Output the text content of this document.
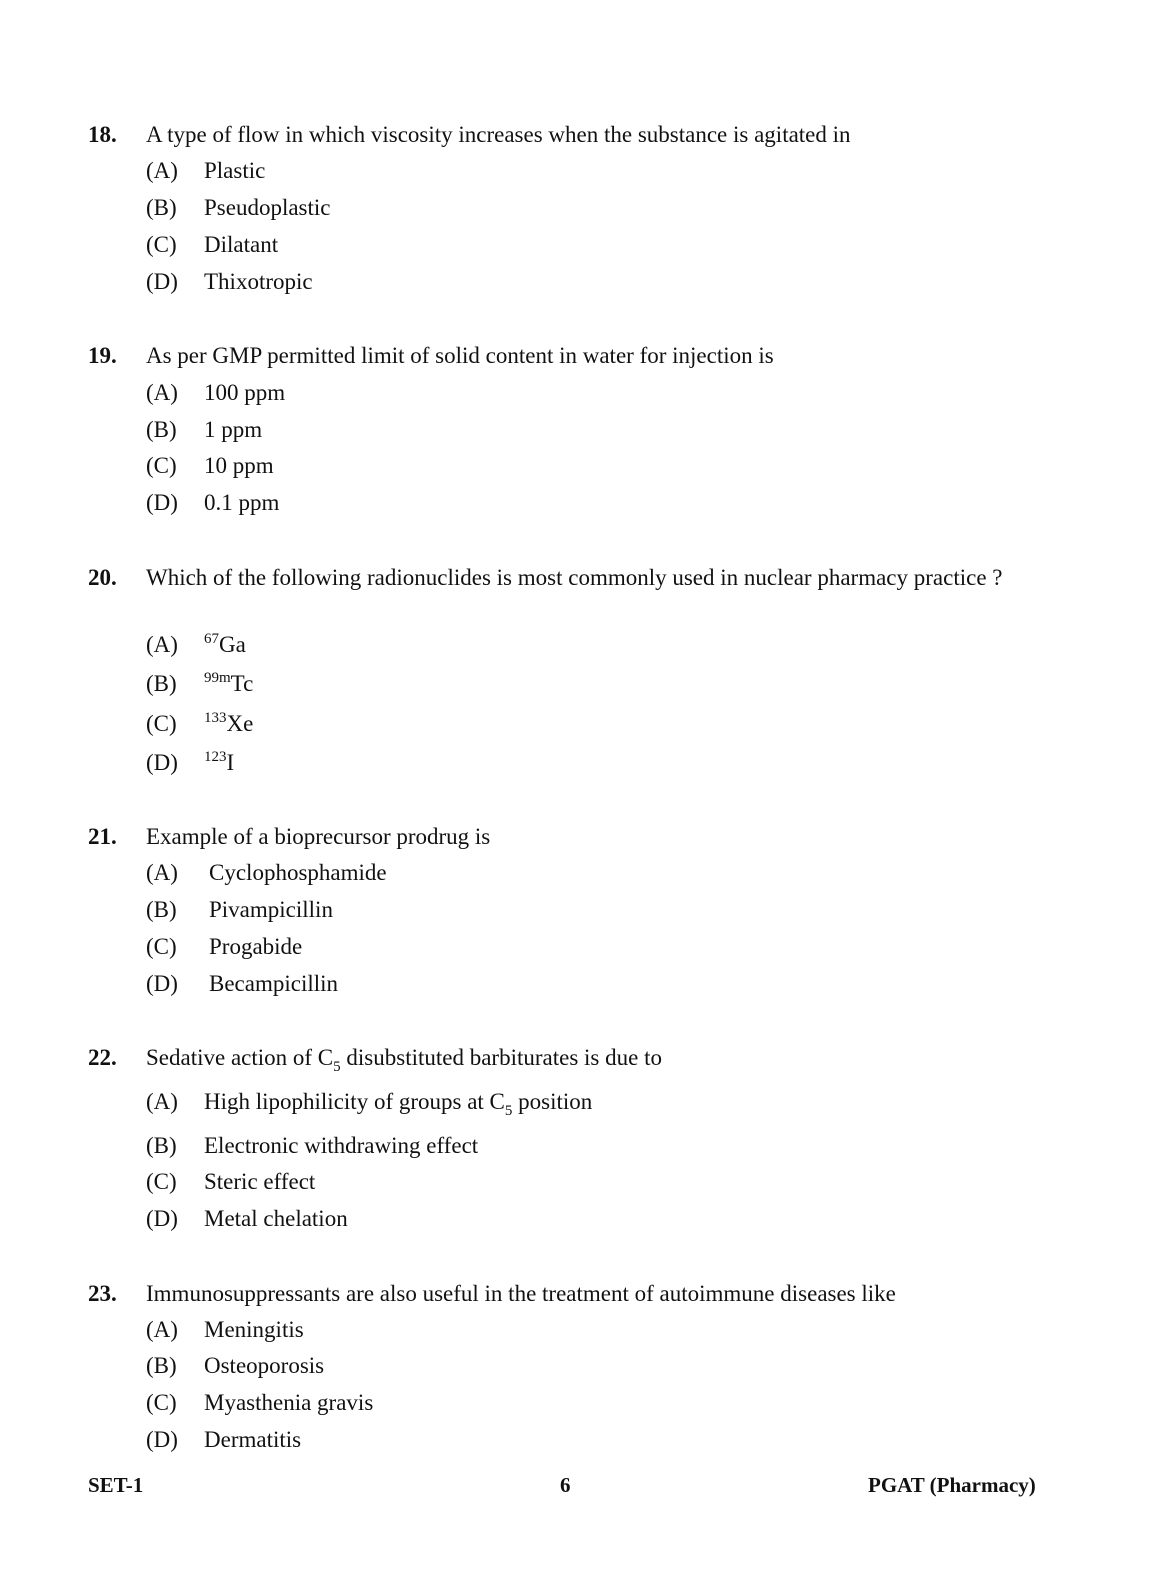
18. A type of flow in which viscosity increases when the substance is agitated in
(A) Plastic
(B) Pseudoplastic
(C) Dilatant
(D) Thixotropic
19. As per GMP permitted limit of solid content in water for injection is
(A) 100 ppm
(B) 1 ppm
(C) 10 ppm
(D) 0.1 ppm
20. Which of the following radionuclides is most commonly used in nuclear pharmacy practice ?
(A) $^{67}$Ga
(B) $^{99m}$Tc
(C) $^{133}$Xe
(D) $^{123}$I
21. Example of a bioprecursor prodrug is
(A) Cyclophosphamide
(B) Pivampicillin
(C) Progabide
(D) Becampicillin
22. Sedative action of $C_5$ disubstituted barbiturates is due to
(A) High lipophilicity of groups at $C_5$ position
(B) Electronic withdrawing effect
(C) Steric effect
(D) Metal chelation
23. Immunosuppressants are also useful in the treatment of autoimmune diseases like
(A) Meningitis
(B) Osteoporosis
(C) Myasthenia gravis
(D) Dermatitis
SET-1	6	PGAT (Pharmacy)
